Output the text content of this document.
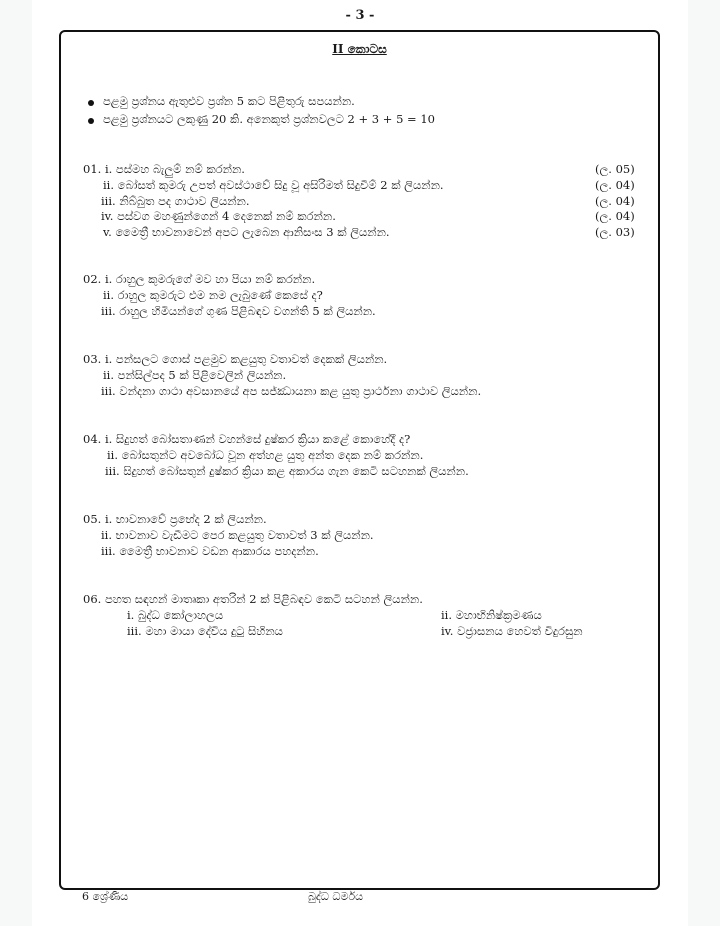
- 3 -
II කොටස
පළමු ප්‍රශ්නය ඇතුළුව ප්‍රශ්න 5 කට පිළිතුරු සපයන්න.
පළමු ප්‍රශ්නයට ලකුණු 20 කි. අනෙකුත් ප්‍රශ්නවලට 2 + 3 + 5 = 10
01. i. පස්මහ බැලුම් නම් කරන්න.	(ල. 05)
ii. බෝසත් කුමරු උපත් අවස්ථාවේ සිදු වූ අසිරිමත් සිදුවීම් 2 ක් ලියන්න.	(ල. 04)
iii. නිබ්බුත පද ගාථාව ලියන්න.	(ල. 04)
iv. පස්වග මහණුන්ගෙන් 4 දෙනෙක් නම් කරන්න.	(ල. 04)
v. මෛත්‍රී භාවනාවෙන් අපට ලැබෙන ආනිසංස 3 ක් ලියන්න.	(ල. 03)
02. i. රාහුල කුමරුගේ මව හා පියා නම් කරන්න.
ii. රාහුල කුමරුට එම නම ලැබුණේ කෙසේ ද?
iii. රාහුල හිමියන්ගේ ගුණ පිළිබඳව වගන්ති 5 ක් ලියන්න.
03. i. පන්සලට ගොස් පළමුව කළයුතු වතාවත් දෙකක් ලියන්න.
ii. පන්සිල්පද 5 ක් පිළිවෙලින් ලියන්න.
iii. වන්දනා ගාථා අවසානයේ අප සජ්ඣායනා කළ යුතු ප්‍රාර්ථනා ගාථාව ලියන්න.
04. i. සිදුහත් බෝසතාණන් වහන්සේ දුෂ්කර ක්‍රියා කළේ කොහේදී ද?
ii. බෝසතුන්ට අවබෝධ වූන අත්හළ යුතු අන්ත දෙක නම් කරන්න.
iii. සිදුහත් බෝසතුන් දුෂ්කර ක්‍රියා කළ අකාරය ගැන කෙටි සටහනක් ලියන්න.
05. i. භාවනාවේ ප්‍රභේද 2 ක් ලියන්න.
ii. භාවනාව වැඩීමට පෙර කළයුතු වතාවත් 3 ක් ලියන්න.
iii. මෛත්‍රී භාවනාව වඩන ආකාරය පහදන්න.
06. පහත සඳහන් මාතෘකා අතරින් 2 ක් පිළිබඳව කෙටි සටහන් ලියන්න.
i. බුද්ධ කෝලාහලය	ii. මහාභිනිෂ්ක්‍රමණය
iii. මහා මායා දේවිය දුටු සිහිනය	iv. වජ්‍රාසනය හෙවත් විදුරසුන
6 ශ්‍රේණිය	බුද්ධ ධර්මය
